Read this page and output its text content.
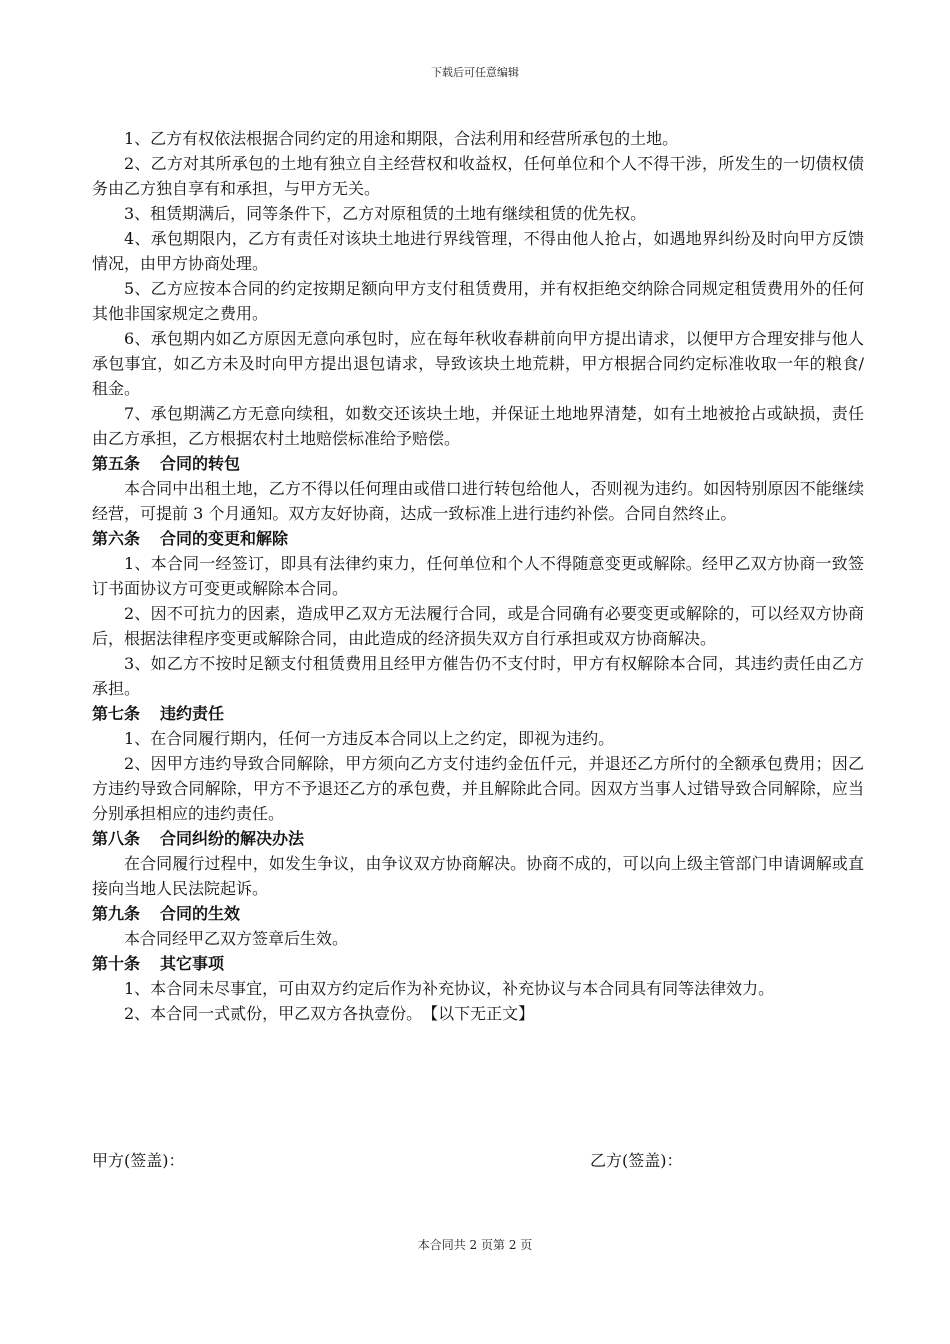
下载后可任意编辑

1、乙方有权依法根据合同约定的用途和期限，合法利用和经营所承包的土地。

2、乙方对其所承包的土地有独立自主经营权和收益权，任何单位和个人不得干涉，所发生的一切债权债务由乙方独自享有和承担，与甲方无关。

3、租赁期满后，同等条件下，乙方对原租赁的土地有继续租赁的优先权。

4、承包期限内，乙方有责任对该块土地进行界线管理，不得由他人抢占，如遇地界纠纷及时向甲方反馈情况，由甲方协商处理。

5、乙方应按本合同的约定按期足额向甲方支付租赁费用，并有权拒绝交纳除合同规定租赁费用外的任何其他非国家规定之费用。

6、承包期内如乙方原因无意向承包时，应在每年秋收春耕前向甲方提出请求，以便甲方合理安排与他人承包事宜，如乙方未及时向甲方提出退包请求，导致该块土地荒耕，甲方根据合同约定标准收取一年的粮食/租金。

7、承包期满乙方无意向续租，如数交还该块土地，并保证土地地界清楚，如有土地被抢占或缺损，责任由乙方承担，乙方根据农村土地赔偿标准给予赔偿。

第五条 合同的转包

本合同中出租土地，乙方不得以任何理由或借口进行转包给他人，否则视为违约。如因特别原因不能继续经营，可提前 3 个月通知。双方友好协商，达成一致标准上进行违约补偿。合同自然终止。

第六条 合同的变更和解除

1、本合同一经签订，即具有法律约束力，任何单位和个人不得随意变更或解除。经甲乙双方协商一致签订书面协议方可变更或解除本合同。

2、因不可抗力的因素，造成甲乙双方无法履行合同，或是合同确有必要变更或解除的，可以经双方协商后，根据法律程序变更或解除合同，由此造成的经济损失双方自行承担或双方协商解决。

3、如乙方不按时足额支付租赁费用且经甲方催告仍不支付时，甲方有权解除本合同，其违约责任由乙方承担。

第七条 违约责任

1、在合同履行期内，任何一方违反本合同以上之约定，即视为违约。

2、因甲方违约导致合同解除，甲方须向乙方支付违约金伍仟元，并退还乙方所付的全额承包费用；因乙方违约导致合同解除，甲方不予退还乙方的承包费，并且解除此合同。因双方当事人过错导致合同解除，应当分别承担相应的违约责任。

第八条 合同纠纷的解决办法

在合同履行过程中，如发生争议，由争议双方协商解决。协商不成的，可以向上级主管部门申请调解或直接向当地人民法院起诉。

第九条 合同的生效

本合同经甲乙双方签章后生效。

第十条 其它事项

1、本合同未尽事宜，可由双方约定后作为补充协议，补充协议与本合同具有同等法律效力。

2、本合同一式贰份，甲乙双方各执壹份。　【以下无正文】

甲方(签盖)：	乙方(签盖)：
本合同共 2 页第 2 页
